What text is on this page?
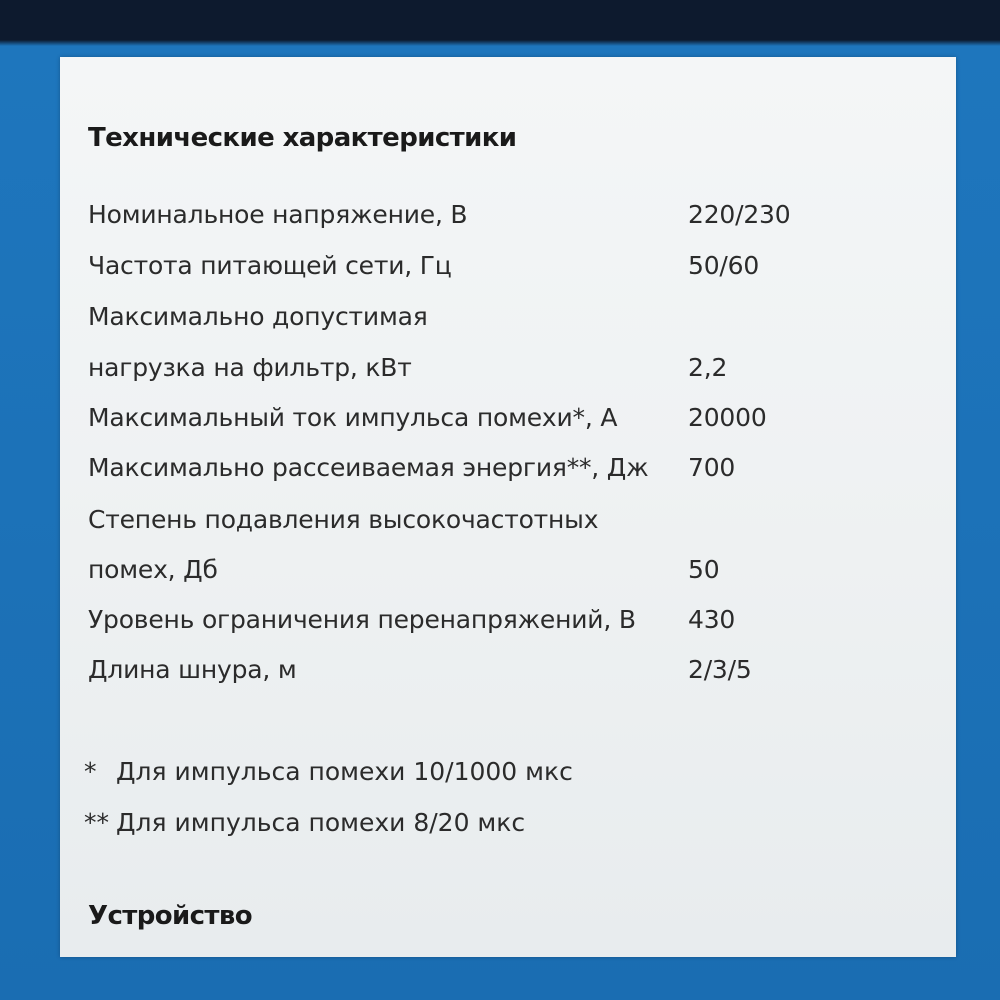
Технические характеристики
Номинальное напряжение, В	220/230
Частота питающей сети, Гц	50/60
Максимально допустимая
нагрузка на фильтр, кВт	2,2
Максимальный ток импульса помехи*, А	20000
Максимально рассеиваемая энергия**, Дж 700
Степень подавления высокочастотных
помех, Дб	50
Уровень ограничения перенапряжений, В 430
Длина шнура, м	2/3/5
* Для импульса помехи 10/1000 мкс
** Для импульса помехи 8/20 мкс
Устройство
